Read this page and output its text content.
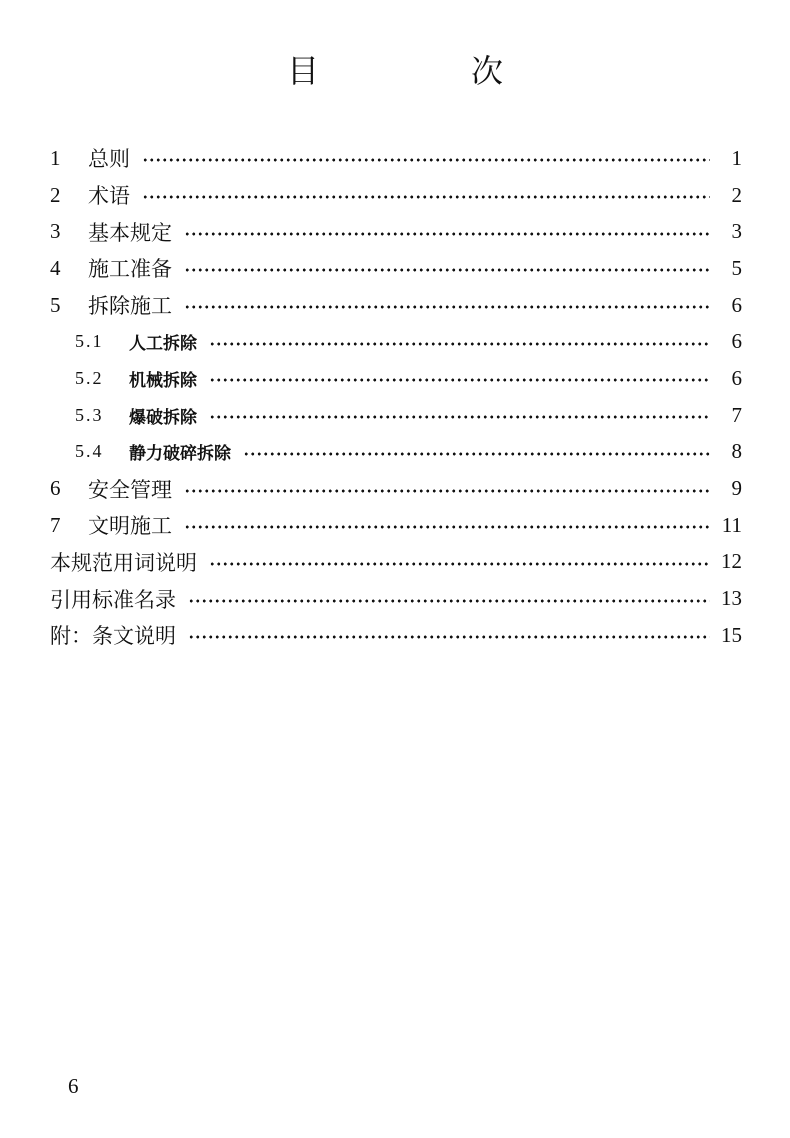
目　次
1	总则	1
2	术语	2
3	基本规定	3
4	施工准备	5
5	拆除施工	6
5.1	人工拆除	6
5.2	机械拆除	6
5.3	爆破拆除	7
5.4	静力破碎拆除	8
6	安全管理	9
7	文明施工	11
本规范用词说明	12
引用标准名录	13
附：条文说明	15
6
